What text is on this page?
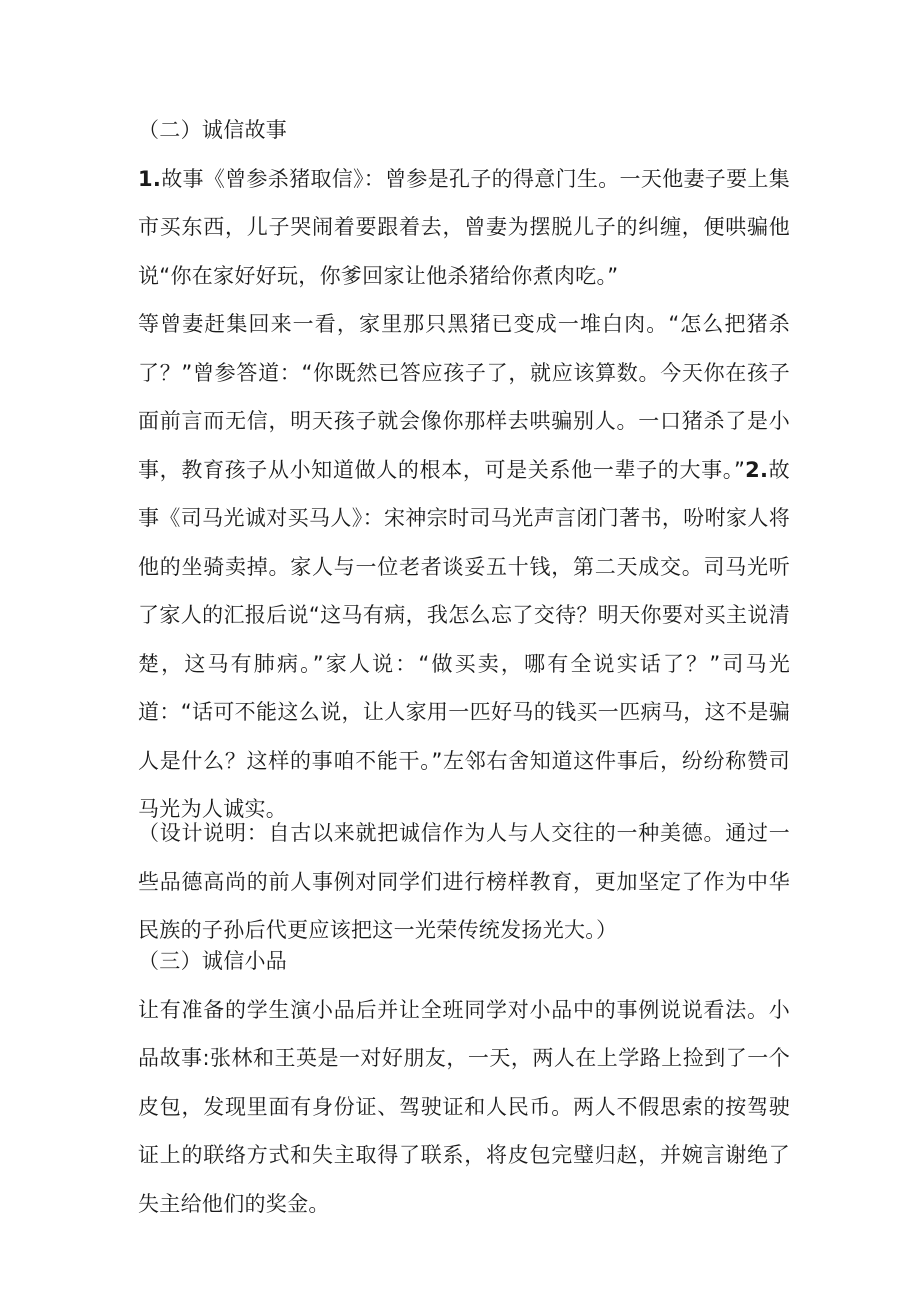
（二）诚信故事

1.故事《曾参杀猪取信》：曾参是孔子的得意门生。一天他妻子要上集市买东西，儿子哭闹着要跟着去，曾妻为摆脱儿子的纠缠，便哄骗他说“你在家好好玩，你爹回家让他杀猪给你煮肉吃。”

等曾妻赶集回来一看，家里那只黑猪已变成一堆白肉。“怎么把猪杀了？”曾参答道：“你既然已答应孩子了，就应该算数。今天你在孩子面前言而无信，明天孩子就会像你那样去哄骗别人。一口猪杀了是小事，教育孩子从小知道做人的根本，可是关系他一辈子的大事。”2.故事《司马光诚对买马人》：宋神宗时司马光声言闭门著书，吩咐家人将他的坐骑卖掉。家人与一位老者谈妥五十钱，第二天成交。司马光听了家人的汇报后说“这马有病，我怎么忘了交待？明天你要对买主说清楚，这马有肺病。”家人说：“做买卖，哪有全说实话了？”司马光道：“话可不能这么说，让人家用一匹好马的钱买一匹病马，这不是骗人是什么？这样的事咱不能干。”左邻右舍知道这件事后，纷纷称赞司马光为人诚实。

（设计说明：自古以来就把诚信作为人与人交往的一种美德。通过一些品德高尚的前人事例对同学们进行榜样教育，更加坚定了作为中华民族的子孙后代更应该把这一光荣传统发扬光大。）

（三）诚信小品

让有准备的学生演小品后并让全班同学对小品中的事例说说看法。小品故事:张林和王英是一对好朋友，一天，两人在上学路上捡到了一个皮包，发现里面有身份证、驾驶证和人民币。两人不假思索的按驾驶证上的联络方式和失主取得了联系，将皮包完璧归赵，并婉言谢绝了失主给他们的奖金。
